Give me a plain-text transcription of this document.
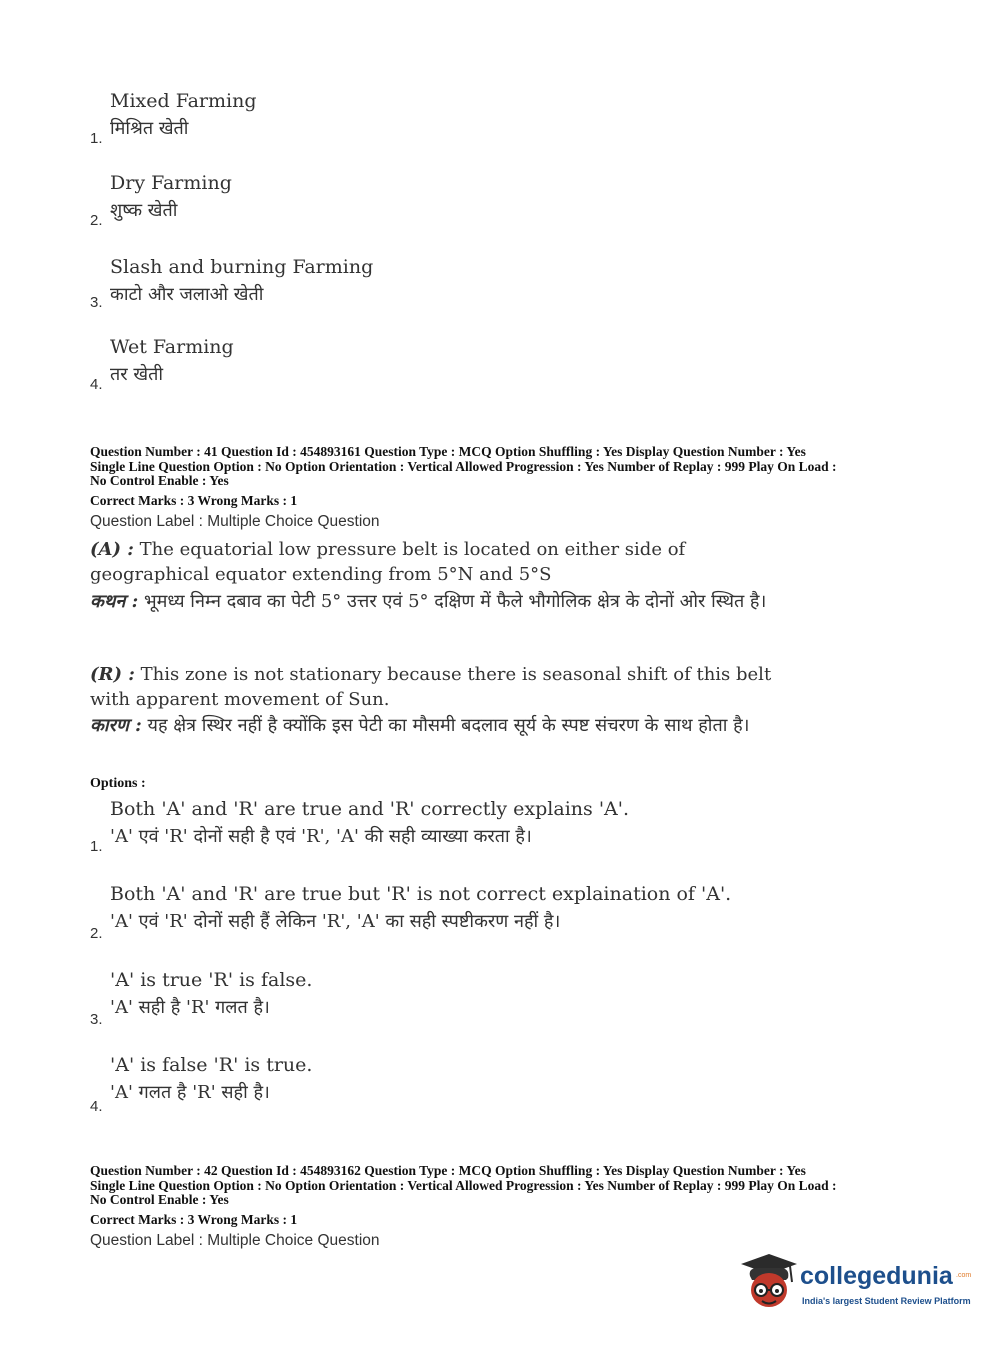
Mixed Farming
मिश्रित खेती
1.
Dry Farming
शुष्क खेती
2.
Slash and burning Farming
काटो और जलाओ खेती
3.
Wet Farming
तर खेती
4.
Question Number : 41 Question Id : 454893161 Question Type : MCQ Option Shuffling : Yes Display Question Number : Yes
Single Line Question Option : No Option Orientation : Vertical Allowed Progression : Yes Number of Replay : 999 Play On Load :
No Control Enable : Yes
Correct Marks : 3 Wrong Marks : 1
Question Label : Multiple Choice Question
(A) : The equatorial low pressure belt is located on either side of geographical equator extending from 5°N and 5°S
कथन : भूमध्य निम्न दबाव का पेटी 5° उत्तर एवं 5° दक्षिण में फैले भौगोलिक क्षेत्र के दोनों ओर स्थित है।
(R) : This zone is not stationary because there is seasonal shift of this belt with apparent movement of Sun.
कारण : यह क्षेत्र स्थिर नहीं है क्योंकि इस पेटी का मौसमी बदलाव सूर्य के स्पष्ट संचरण के साथ होता है।
Options :
Both 'A' and 'R' are true and 'R' correctly explains 'A'.
'A' एवं 'R' दोनों सही है एवं 'R', 'A' की सही व्याख्या करता है।
1.
Both 'A' and 'R' are true but 'R' is not correct explaination of 'A'.
'A' एवं 'R' दोनों सही हैं लेकिन 'R', 'A' का सही स्पष्टीकरण नहीं है।
2.
'A' is true 'R' is false.
'A' सही है 'R' गलत है।
3.
'A' is false 'R' is true.
'A' गलत है 'R' सही है।
4.
Question Number : 42 Question Id : 454893162 Question Type : MCQ Option Shuffling : Yes Display Question Number : Yes
Single Line Question Option : No Option Orientation : Vertical Allowed Progression : Yes Number of Replay : 999 Play On Load :
No Control Enable : Yes
Correct Marks : 3 Wrong Marks : 1
Question Label : Multiple Choice Question
collegedunia .com
India's largest Student Review Platform
